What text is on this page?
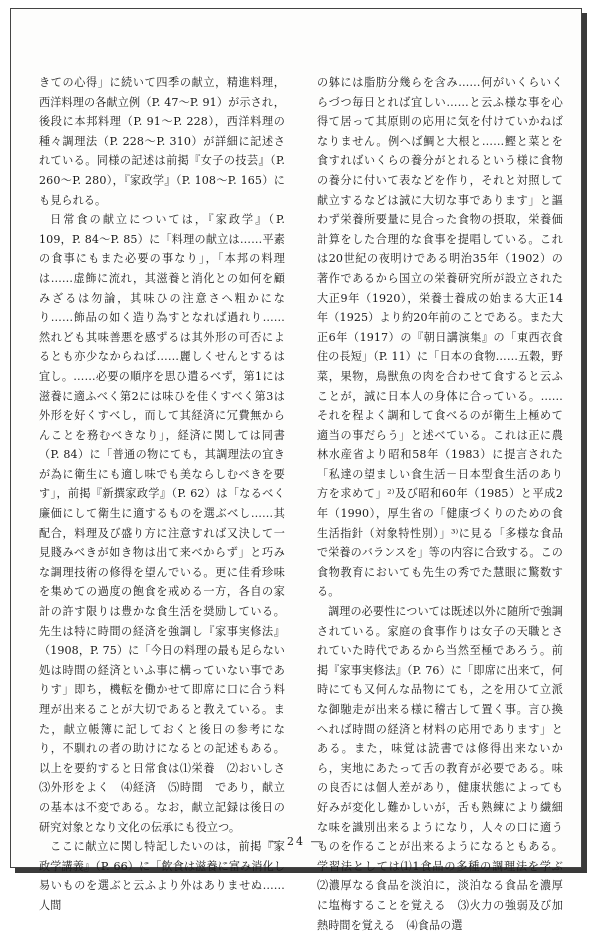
きての心得」に続いて四季の献立，精進料理，西洋料理の各献立例（P. 47～P. 91）が示され，後段に本邦料理（P. 91～P. 228），西洋料理の種々調理法（P. 228～P. 310）が詳細に記述されている。同様の記述は前掲『女子の技芸』（P. 260～P. 280），『家政学』（P. 108～P. 165）にも見られる。

日常食の献立については，『家政学』（P. 109，P. 84～P. 85）に「料理の献立は……平素の食事にもまた必要の事なり」，「本邦の料理は……虚飾に流れ，其滋養と消化との如何を顧みざるは勿論，其味ひの注意さへ粗かになり……飾品の如く造り為すとなれば過れり……然れども其味善悪を感ずるは其外形の可否によるとも亦少なからねば……麗しくせんとするは宜し。……必要の順序を思ひ遣るべず，第1には滋養に適ふべく第2には味ひを佳くすべく第3は外形を好くすべし，而して其経済に冗費無からんことを務むべきなり」，経済に関しては同書（P. 84）に「普通の物にても，其調理法の宜きが為に衛生にも適し味でも美ならしむべきを要す」，前掲『新撰家政学』（P. 62）は「なるべく廉価にして衛生に適するものを選ぶべし……其配合，料理及び盛り方に注意すれば又決して一見賤みべきが如き物は出て来べからず」と巧みな調理技術の修得を望んでいる。更に佳肴珍味を集めての過度の飽食を戒める一方，各自の家計の許す限りは豊かな食生活を奨励している。先生は特に時間の経済を強調し『家事実修法』（1908，P. 75）に「今日の料理の最も足らない処は時間の経済といふ事に構っていない事でありす」即ち，機転を働かせて即席に口に合う料理が出来ることが大切であると教えている。また，献立帳簿に記しておくと後日の参考になり，不馴れの者の助けになるとの記述もある。以上を要約すると日常食は⑴栄養　⑵おいしさ　⑶外形をよく　⑷経済　⑸時間　であり，献立の基本は不変である。なお，献立記録は後日の研究対象となり文化の伝承にも役立つ。

ここに献立に関し特記したいのは，前掲『家政学講義』（P. 66）に「飲食は滋養に富み消化し易いものを選ぶと云ふより外はありませぬ……人間

の躰には脂肪分幾らを含み……何がいくらいくらづつ毎日とれば宜しい……と云ふ様な事を心得て居って其原則の応用に気を付けていかねばなりません。例へば鯛と大根と……鰹と菜とを食すればいくらの養分がとれるという様に食物の養分に付いて表などを作り，それと対照して献立するなどは誠に大切な事であります」と謳わず栄養所要量に見合った食物の摂取，栄養価計算をした合理的な食事を提唱している。これは20世紀の夜明けである明治35年（1902）の著作であるから国立の栄養研究所が設立された大正9年（1920），栄養士養成の始まる大正14年（1925）より約20年前のことである。また大正6年（1917）の『朝日講演集』の「東西衣食住の長短」（P. 11）に「日本の食物……五穀，野菜，果物，鳥獣魚の肉を合わせて食すると云ふことが，誠に日本人の身体に合っている。……それを程よく調和して食べるのが衛生上極めて適当の事だらう」と述べている。これは正に農林水産省より昭和58年（1983）に提言された「私達の望ましい食生活－日本型食生活のあり方を求めて」²⁾及び昭和60年（1985）と平成2年（1990），厚生省の「健康づくりのための食生活指針（対象特性別）」³⁾に見る「多様な食品で栄養のバランスを」等の内容に合致する。この食物教育においても先生の秀でた慧眼に驚数する。

調理の必要性については既述以外に随所で強調されている。家庭の食事作りは女子の天職とされていた時代であるから当然至極であろう。前掲『家事実修法』（P. 76）に「即席に出来て，何時にても又何んな品物にても，之を用ひて立派な御馳走が出来る様に稽古して置く事。言ひ換へれば時間の経済と材料の応用であります」とある。また，味覚は読書では修得出来ないから，実地にあたって舌の教育が必要である。味の良否には個人差があり，健康状態によっても好みが変化し難かしいが，舌も熟練により繊細な味を識別出来るようになり，人々の口に適うものを作ることが出来るようになるともある。学習法としては⑴1食品の多種の調理法を学ぶ　⑵濃厚なる食品を淡泊に，淡泊なる食品を濃厚に塩梅することを覚える　⑶火力の強弱及び加熱時間を覚える　⑷食品の選

— 24 —
